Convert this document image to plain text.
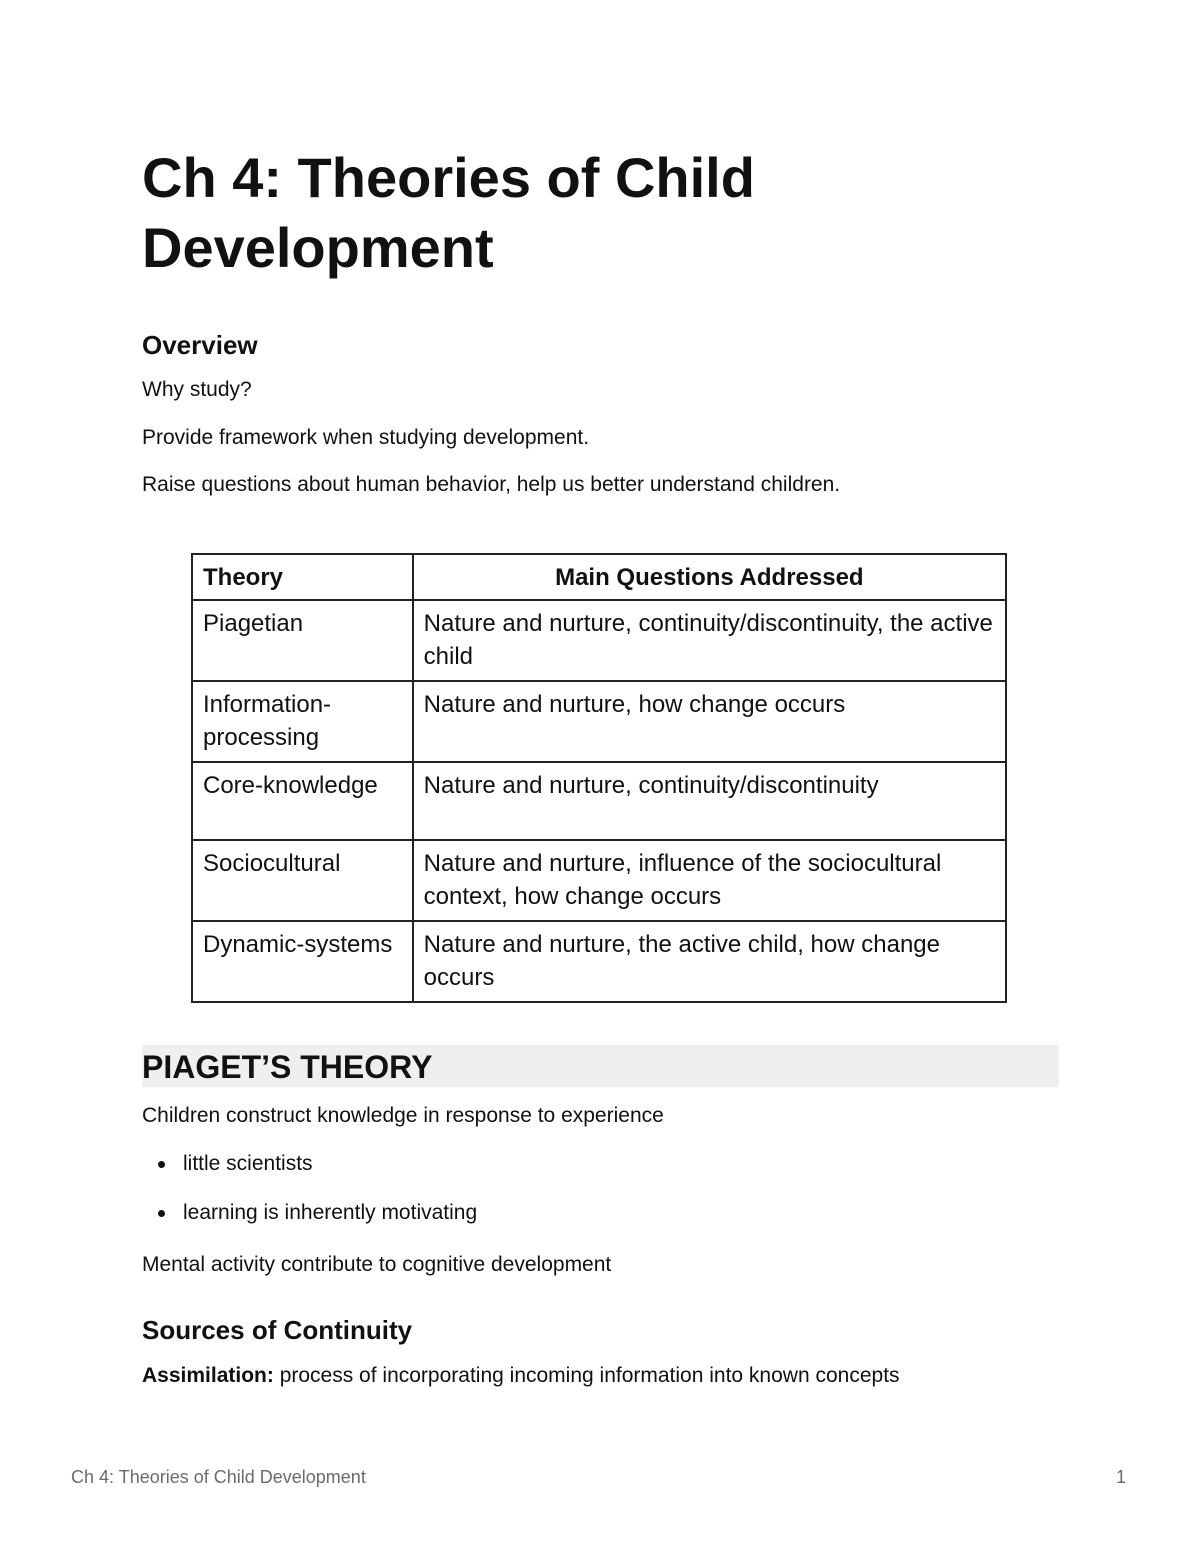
Ch 4: Theories of Child
Development
Overview

Why study?

Provide framework when studying development.

Raise questions about human behavior, help us better understand children.

Theory	Main Questions Addressed
Piagetian	Nature and nurture, continuity/discontinuity, the active child
Information-processing	Nature and nurture, how change occurs
Core-knowledge	Nature and nurture, continuity/discontinuity
Sociocultural	Nature and nurture, influence of the sociocultural context, how change occurs
Dynamic-systems	Nature and nurture, the active child, how change occurs
PIAGET’S THEORY

Children construct knowledge in response to experience

little scientists
learning is inherently motivating

Mental activity contribute to cognitive development

Sources of Continuity

Assimilation: process of incorporating incoming information into known concepts

Ch 4: Theories of Child Development	1
